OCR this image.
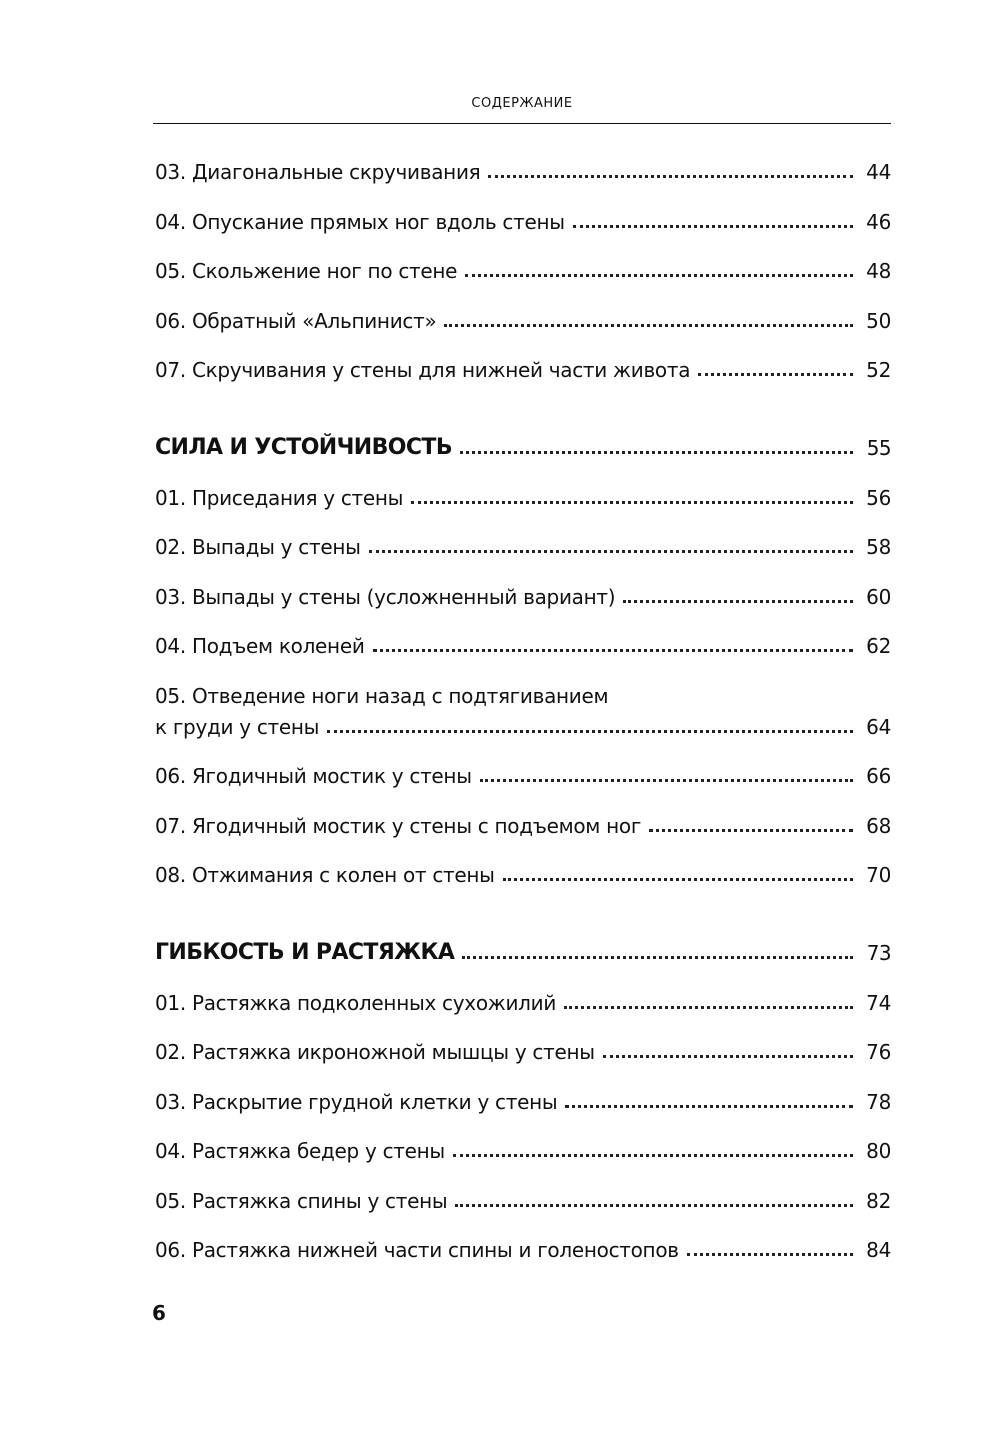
СОДЕРЖАНИЕ
03. Диагональные скручивания	44
04. Опускание прямых ног вдоль стены	46
05. Скольжение ног по стене	48
06. Обратный «Альпинист»	50
07. Скручивания у стены для нижней части живота	52
СИЛА И УСТОЙЧИВОСТЬ	55
01. Приседания у стены	56
02. Выпады у стены	58
03. Выпады у стены (усложненный вариант)	60
04. Подъем коленей	62
05. Отведение ноги назад с подтягиванием
к груди у стены	64
06. Ягодичный мостик у стены	66
07. Ягодичный мостик у стены с подъемом ног	68
08. Отжимания с колен от стены	70
ГИБКОСТЬ И РАСТЯЖКА	73
01. Растяжка подколенных сухожилий	74
02. Растяжка икроножной мышцы у стены	76
03. Раскрытие грудной клетки у стены	78
04. Растяжка бедер у стены	80
05. Растяжка спины у стены	82
06. Растяжка нижней части спины и голеностопов	84
6
